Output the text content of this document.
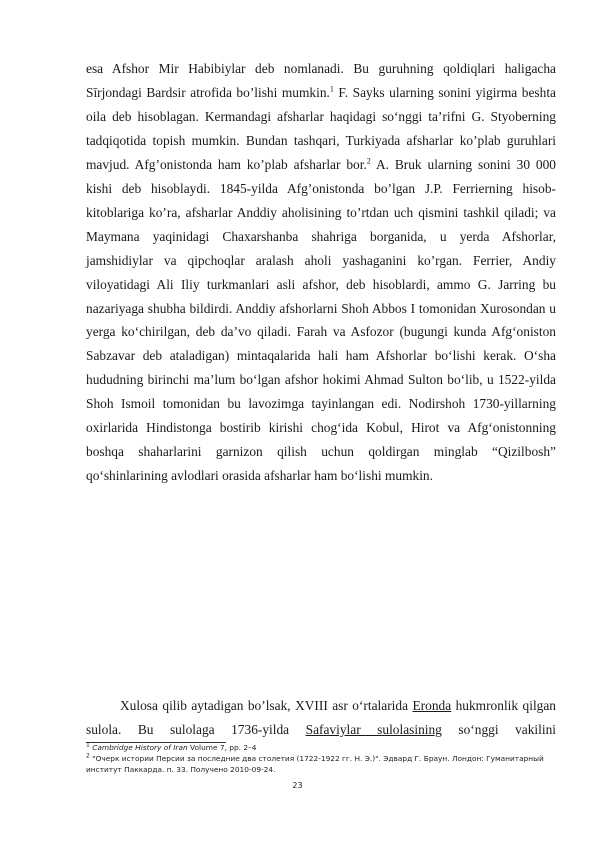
esa Afshor Mir Habibiylar deb nomlanadi. Bu guruhning qoldiqlari haligacha Sīrjondagi Bardsir atrofida bo’lishi mumkin.$^1$ F. Sayks ularning sonini yigirma beshta oila deb hisoblagan. Kermandagi afsharlar haqidagi so‘nggi ta’rifni G. Styoberning tadqiqotida topish mumkin. Bundan tashqari, Turkiyada afsharlar ko’plab guruhlari mavjud. Afg’onistonda ham ko’plab afsharlar bor.$^2$ A. Bruk ularning sonini 30 000 kishi deb hisoblaydi. 1845-yilda Afg’onistonda bo’lgan J.P. Ferrierning hisob-kitoblariga ko’ra, afsharlar Anddiy aholisining to’rtdan uch qismini tashkil qiladi; va Maymana yaqinidagi Chaxarshanba shahriga borganida, u yerda Afshorlar, jamshidiylar va qipchoqlar aralash aholi yashaganini ko’rgan. Ferrier, Andiy viloyatidagi Ali Iliy turkmanlari asli afshor, deb hisoblardi, ammo G. Jarring bu nazariyaga shubha bildirdi. Anddiy afshorlarni Shoh Abbos I tomonidan Xurosondan u yerga ko‘chirilgan, deb da’vo qiladi. Farah va Asfozor (bugungi kunda Afg‘oniston Sabzavar deb ataladigan) mintaqalarida hali ham Afshorlar bo‘lishi kerak. O‘sha hududning birinchi ma’lum bo‘lgan afshor hokimi Ahmad Sulton bo‘lib, u 1522-yilda Shoh Ismoil tomonidan bu lavozimga tayinlangan edi. Nodirshoh 1730-yillarning oxirlarida Hindistonga bostirib kirishi chog‘ida Kobul, Hirot va Afg‘onistonning boshqa shaharlarini garnizon qilish uchun qoldirgan minglab “Qizilbosh” qo‘shinlarining avlodlari orasida afsharlar ham bo‘lishi mumkin.
Xulosa qilib aytadigan bo’lsak, XVIII asr o‘rtalarida Eronda hukmronlik qilgan sulola. Bu sulolaga 1736-yilda Safaviylar sulolasining so‘nggi vakilini
$^1$ Cambridge History of Iran Volume 7, pp. 2–4
$^2$ "Очерк истории Персии за последние два столетия (1722-1922 гг. Н. Э.)". Эдвард Г. Браун. Лондон: Гуманитарный институт Паккарда. п. 33. Получено 2010-09-24.
23
